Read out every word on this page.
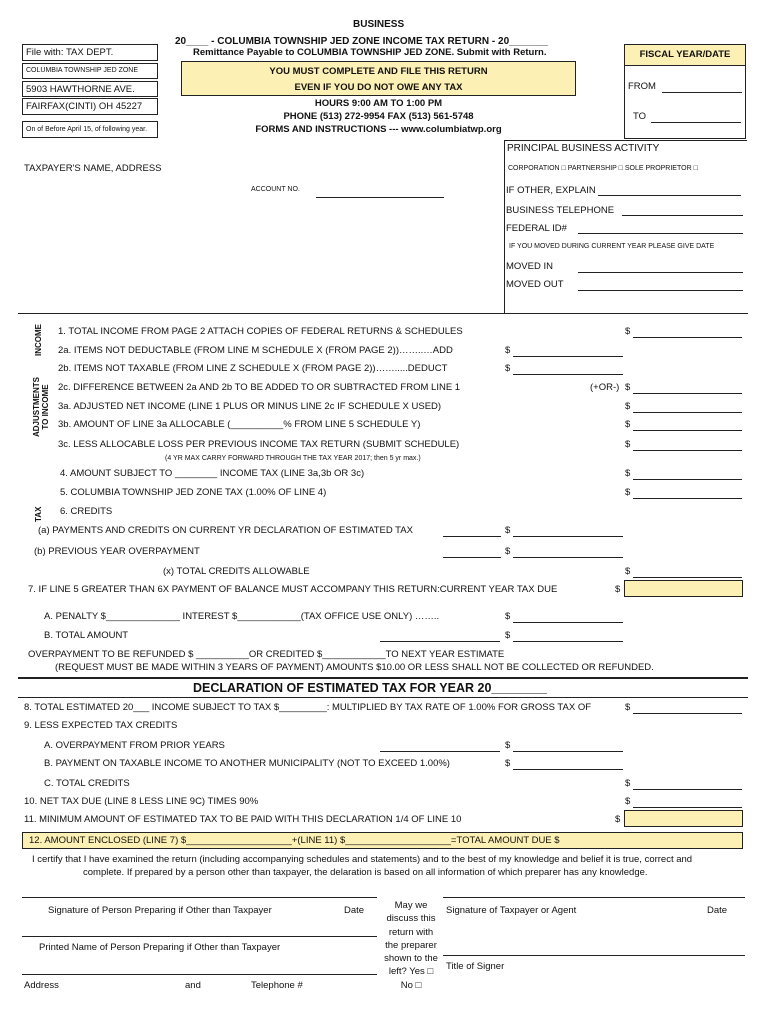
BUSINESS
20____ - COLUMBIA TOWNSHIP JED ZONE INCOME TAX RETURN - 20_______
Remittance Payable to COLUMBIA TOWNSHIP JED ZONE. Submit with Return.
File with: TAX DEPT.
COLUMBIA TOWNSHIP JED ZONE
5903 HAWTHORNE AVE.
FAIRFAX(CINTI) OH 45227
On of Before April 15, of following year.
YOU MUST COMPLETE AND FILE THIS RETURN
EVEN IF YOU DO NOT OWE ANY TAX
HOURS 9:00 AM TO 1:00 PM
PHONE (513) 272-9954 FAX (513) 561-5748
FORMS AND INSTRUCTIONS --- www.columbiatwp.org
FISCAL YEAR/DATE
FROM
TO
TAXPAYER'S NAME, ADDRESS
ACCOUNT NO.
PRINCIPAL BUSINESS ACTIVITY
CORPORATION □ PARTNERSHIP □ SOLE PROPRIETOR □
IF OTHER, EXPLAIN
BUSINESS TELEPHONE
FEDERAL ID#
IF YOU MOVED DURING CURRENT YEAR PLEASE GIVE DATE
MOVED IN
MOVED OUT
INCOME
ADJUSTMENTS TO INCOME
TAX
1. TOTAL INCOME FROM PAGE 2 ATTACH COPIES OF FEDERAL RETURNS & SCHEDULES	$
2a. ITEMS NOT DEDUCTABLE (FROM LINE M SCHEDULE X (FROM PAGE 2))……..…ADD	$
2b. ITEMS NOT TAXABLE (FROM LINE Z SCHEDULE X (FROM PAGE 2))…….....DEDUCT	$
2c. DIFFERENCE BETWEEN 2a AND 2b TO BE ADDED TO OR SUBTRACTED FROM LINE 1	(+OR-) $
3a. ADJUSTED NET INCOME (LINE 1 PLUS OR MINUS LINE 2c IF SCHEDULE X USED)	$
3b. AMOUNT OF LINE 3a ALLOCABLE (__________% FROM LINE 5 SCHEDULE Y)	$
3c. LESS ALLOCABLE LOSS PER PREVIOUS INCOME TAX RETURN (SUBMIT SCHEDULE)	$
(4 YR MAX CARRY FORWARD THROUGH THE TAX YEAR 2017; then 5 yr max.)
4. AMOUNT SUBJECT TO ________ INCOME TAX (LINE 3a,3b OR 3c)	$
5. COLUMBIA TOWNSHIP JED ZONE TAX (1.00% OF LINE 4)	$
6. CREDITS
(a) PAYMENTS AND CREDITS ON CURRENT YR DECLARATION OF ESTIMATED TAX	$
(b) PREVIOUS YEAR OVERPAYMENT	$
(x) TOTAL CREDITS ALLOWABLE	$
7. IF LINE 5 GREATER THAN 6X PAYMENT OF BALANCE MUST ACCOMPANY THIS RETURN:CURRENT YEAR TAX DUE	$
A. PENALTY $______________ INTEREST $____________(TAX OFFICE USE ONLY) ……..	$
B. TOTAL AMOUNT	$
OVERPAYMENT TO BE REFUNDED $ __________OR CREDITED $____________TO NEXT YEAR ESTIMATE
(REQUEST MUST BE MADE WITHIN 3 YEARS OF PAYMENT) AMOUNTS $10.00 OR LESS SHALL NOT BE COLLECTED OR REFUNDED.
DECLARATION OF ESTIMATED TAX FOR YEAR 20________
8. TOTAL ESTIMATED 20___ INCOME SUBJECT TO TAX $_________: MULTIPLIED BY TAX RATE OF 1.00% FOR GROSS TAX OF	$
9. LESS EXPECTED TAX CREDITS
A. OVERPAYMENT FROM PRIOR YEARS	$
B. PAYMENT ON TAXABLE INCOME TO ANOTHER MUNICIPALITY (NOT TO EXCEED 1.00%)	$
C. TOTAL CREDITS	$
10. NET TAX DUE (LINE 8 LESS LINE 9C) TIMES 90%	$
11. MINIMUM AMOUNT OF ESTIMATED TAX TO BE PAID WITH THIS DECLARATION 1/4 OF LINE 10	$
12. AMOUNT ENCLOSED (LINE 7) $____________________+(LINE 11) $____________________=TOTAL AMOUNT DUE $
I certify that I have examined the return (including accompanying schedules and statements) and to the best of my knowledge and belief it is true, correct and
complete. If prepared by a person other than taxpayer, the delaration is based on all information of which preparer has any knowledge.
Signature of Person Preparing if Other than Taxpayer	Date
Printed Name of Person Preparing if Other than Taxpayer
Address	and	Telephone #
May we
discuss this
return with
the preparer
shown to the
left? Yes □
No □
Signature of Taxpayer or Agent	Date
Title of Signer
